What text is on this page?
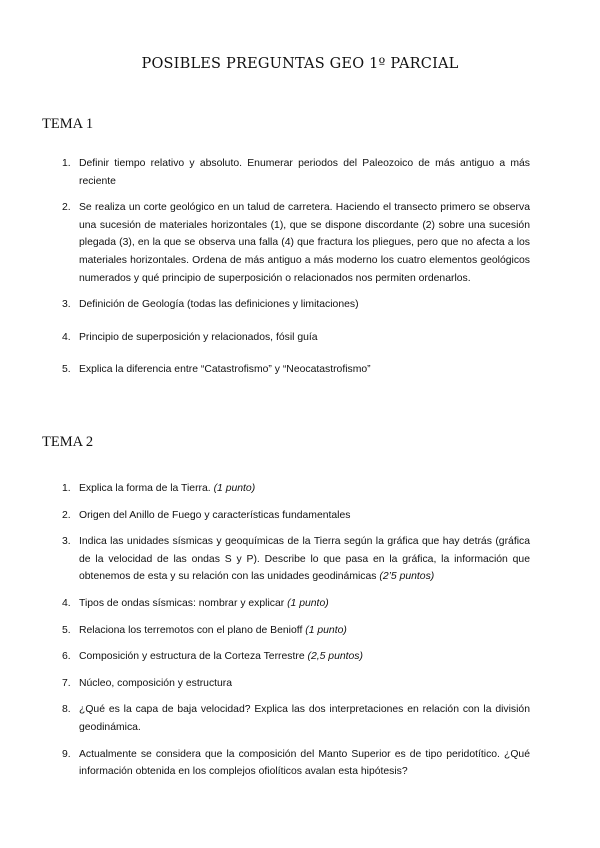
POSIBLES PREGUNTAS GEO 1º PARCIAL
TEMA 1
1. Definir tiempo relativo y absoluto. Enumerar periodos del Paleozoico de más antiguo a más reciente
2. Se realiza un corte geológico en un talud de carretera. Haciendo el transecto primero se observa una sucesión de materiales horizontales (1), que se dispone discordante (2) sobre una sucesión plegada (3), en la que se observa una falla (4) que fractura los pliegues, pero que no afecta a los materiales horizontales. Ordena de más antiguo a más moderno los cuatro elementos geológicos numerados y qué principio de superposición o relacionados nos permiten ordenarlos.
3. Definición de Geología (todas las definiciones y limitaciones)
4. Principio de superposición y relacionados, fósil guía
5. Explica la diferencia entre “Catastrofismo” y “Neocatastrofismo”
TEMA 2
1. Explica la forma de la Tierra. (1 punto)
2. Origen del Anillo de Fuego y características fundamentales
3. Indica las unidades sísmicas y geoquímicas de la Tierra según la gráfica que hay detrás (gráfica de la velocidad de las ondas S y P). Describe lo que pasa en la gráfica, la información que obtenemos de esta y su relación con las unidades geodinámicas (2’5 puntos)
4. Tipos de ondas sísmicas: nombrar y explicar (1 punto)
5. Relaciona los terremotos con el plano de Benioff (1 punto)
6. Composición y estructura de la Corteza Terrestre (2,5 puntos)
7. Núcleo, composición y estructura
8. ¿Qué es la capa de baja velocidad? Explica las dos interpretaciones en relación con la división geodinámica.
9. Actualmente se considera que la composición del Manto Superior es de tipo peridotítico. ¿Qué información obtenida en los complejos ofiolíticos avalan esta hipótesis?
